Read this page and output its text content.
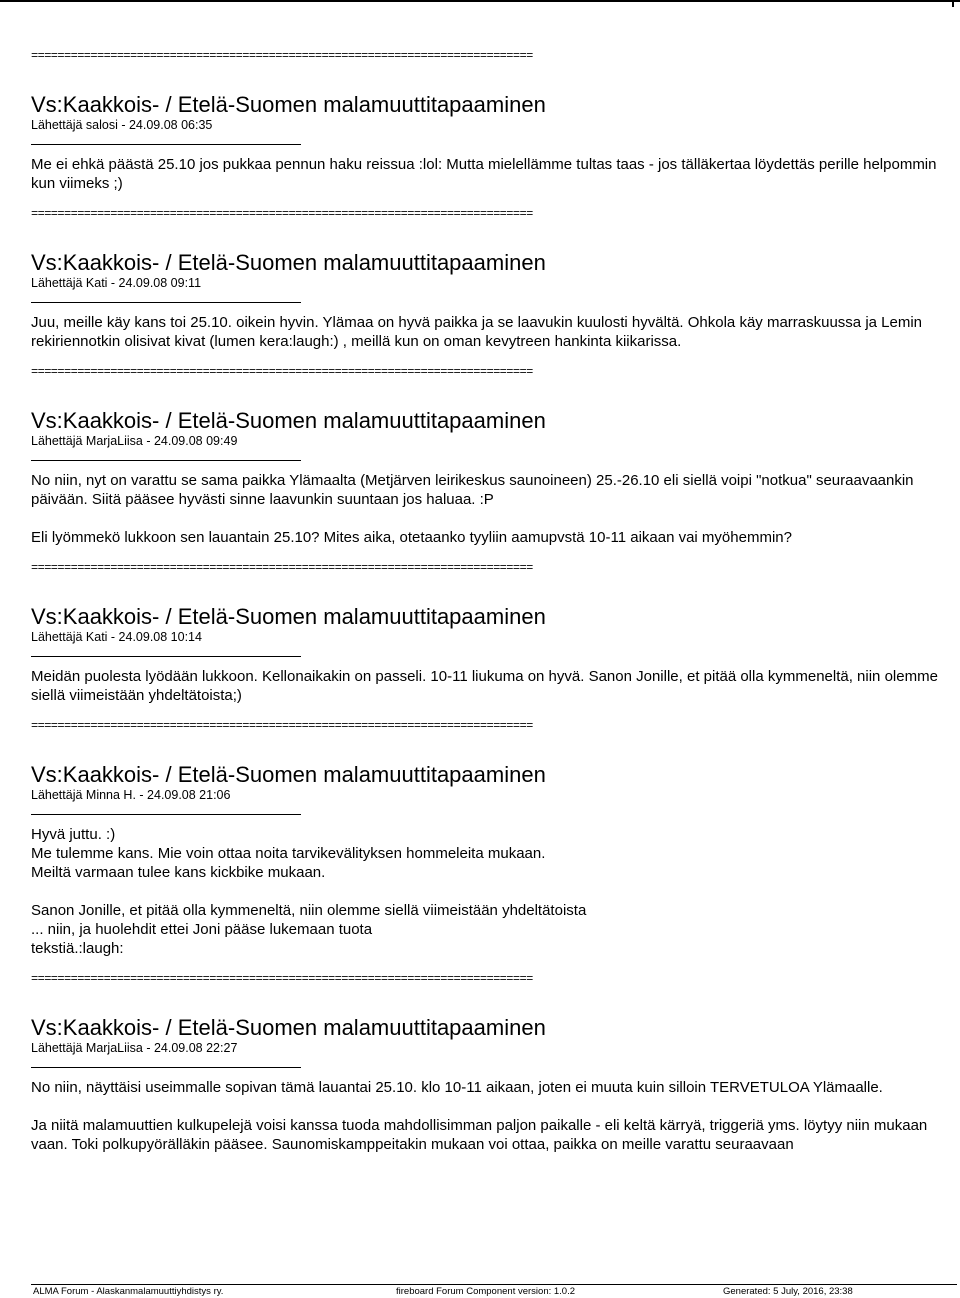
============================================================================
Vs:Kaakkois- / Etelä-Suomen malamuuttitapaaminen
Lähettäjä salosi - 24.09.08 06:35

Me ei ehkä päästä 25.10 jos pukkaa pennun haku reissua :lol: Mutta mielellämme tultas taas - jos tälläkertaa löydettäs perille helpommin kun viimeks ;)

============================================================================
Vs:Kaakkois- / Etelä-Suomen malamuuttitapaaminen
Lähettäjä Kati - 24.09.08 09:11

Juu, meille käy kans toi 25.10. oikein hyvin. Ylämaa on hyvä paikka ja se laavukin kuulosti hyvältä. Ohkola käy marraskuussa ja Lemin rekiriennotkin olisivat kivat (lumen kera:laugh:) , meillä kun on oman kevytreen hankinta kiikarissa.

============================================================================
Vs:Kaakkois- / Etelä-Suomen malamuuttitapaaminen
Lähettäjä MarjaLiisa - 24.09.08 09:49

No niin, nyt on varattu se sama paikka Ylämaalta (Metjärven leirikeskus saunoineen) 25.-26.10 eli siellä voipi "notkua" seuraavaankin päivään. Siitä pääsee hyvästi sinne laavunkin suuntaan jos haluaa. :P

Eli lyömmekö lukkoon sen lauantain 25.10? Mites aika, otetaanko tyyliin aamupvstä 10-11 aikaan vai myöhemmin?

============================================================================
Vs:Kaakkois- / Etelä-Suomen malamuuttitapaaminen
Lähettäjä Kati - 24.09.08 10:14

Meidän puolesta lyödään lukkoon. Kellonaikakin on passeli. 10-11 liukuma on hyvä. Sanon Jonille, et pitää olla kymmeneltä, niin olemme siellä viimeistään yhdeltätoista;)

============================================================================
Vs:Kaakkois- / Etelä-Suomen malamuuttitapaaminen
Lähettäjä Minna H. - 24.09.08 21:06

Hyvä juttu. :)
Me tulemme kans. Mie voin ottaa noita tarvikevälityksen hommeleita mukaan.
Meiltä varmaan tulee kans kickbike mukaan.

Sanon Jonille, et pitää olla kymmeneltä, niin olemme siellä viimeistään yhdeltätoista
... niin, ja huolehdit ettei Joni pääse lukemaan tuota
tekstiä.:laugh:

============================================================================
Vs:Kaakkois- / Etelä-Suomen malamuuttitapaaminen
Lähettäjä MarjaLiisa - 24.09.08 22:27

No niin, näyttäisi useimmalle sopivan tämä lauantai 25.10. klo 10-11 aikaan, joten ei muuta kuin silloin TERVETULOA Ylämaalle.

Ja niitä malamuuttien kulkupelejä voisi kanssa tuoda mahdollisimman paljon paikalle - eli keltä kärryä, triggeriä yms. löytyy niin mukaan vaan. Toki polkupyörälläkin pääsee. Saunomiskamppeitakin mukaan voi ottaa, paikka on meille varattu seuraavaan

ALMA Forum - Alaskanmalamuuttiyhdistys ry.	fireboard Forum Component version: 1.0.2	Generated: 5 July, 2016, 23:38
